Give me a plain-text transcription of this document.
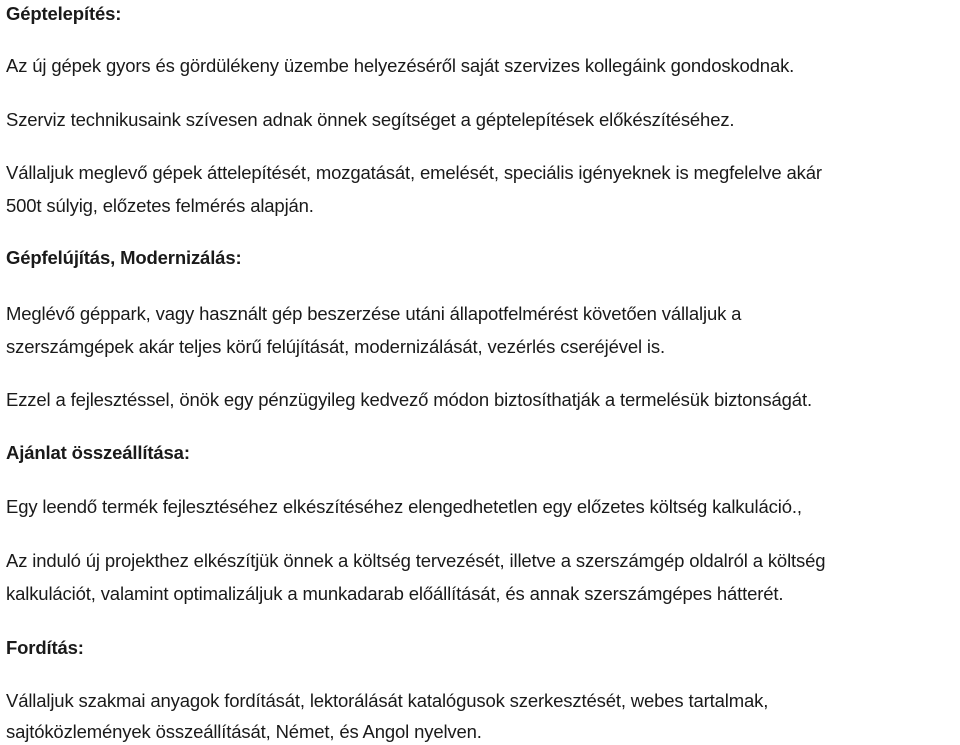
Géptelepítés:
Az új gépek gyors és gördülékeny üzembe helyezéséről saját szervizes kollegáink gondoskodnak.
Szerviz technikusaink szívesen adnak önnek segítséget a géptelepítések előkészítéséhez.
Vállaljuk meglevő gépek áttelepítését, mozgatását, emelését, speciális igényeknek is megfelelve akár
500t súlyig, előzetes felmérés alapján.
Gépfelújítás, Modernizálás:
Meglévő géppark, vagy használt gép beszerzése utáni állapotfelmérést követően vállaljuk a
szerszámgépek akár teljes körű felújítását, modernizálását, vezérlés cseréjével is.
Ezzel a fejlesztéssel, önök egy pénzügyileg kedvező módon biztosíthatják a termelésük biztonságát.
Ajánlat összeállítása:
Egy leendő termék fejlesztéséhez elkészítéséhez elengedhetetlen egy előzetes költség kalkuláció.,
Az induló új projekthez elkészítjük önnek a költség tervezését, illetve a szerszámgép oldalról a költség
kalkulációt, valamint optimalizáljuk a munkadarab előállítását, és annak szerszámgépes hátterét.
Fordítás:
Vállaljuk szakmai anyagok fordítását, lektorálását katalógusok szerkesztését, webes tartalmak,
sajtóközlemények összeállítását, Német, és Angol nyelven.
